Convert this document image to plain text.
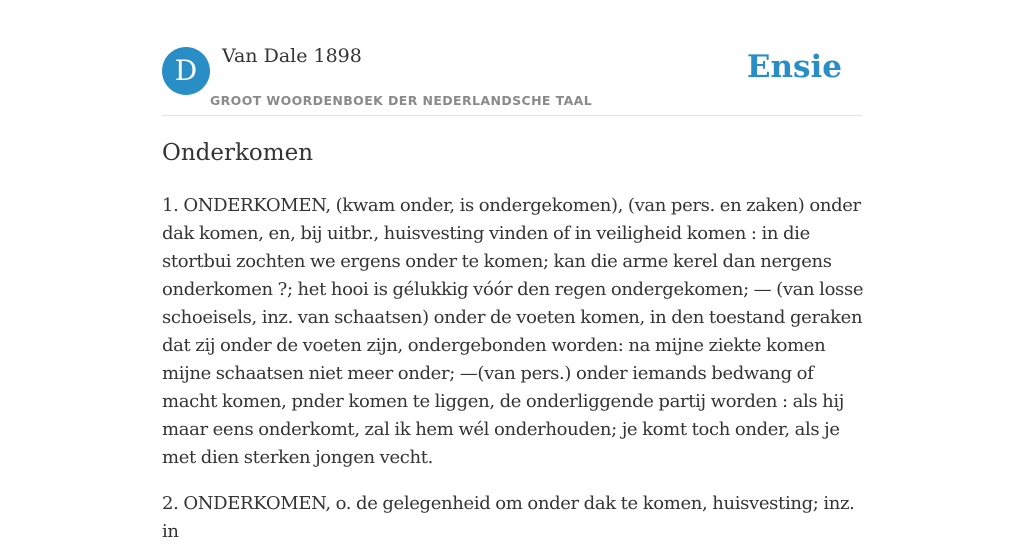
D	Van Dale 1898
GROOT WOORDENBOEK DER NEDERLANDSCHE TAAL
Ensie
Onderkomen

1. ONDERKOMEN, (kwam onder, is ondergekomen), (van pers. en zaken) onder dak komen, en, bij uitbr., huisvesting vinden of in veiligheid komen : in die stortbui zochten we ergens onder te komen; kan die arme kerel dan nergens onderkomen ?; het hooi is gélukkig vóór den regen ondergekomen; — (van losse schoeisels, inz. van schaatsen) onder de voeten komen, in den toestand geraken dat zij onder de voeten zijn, ondergebonden worden: na mijne ziekte komen mijne schaatsen niet meer onder; —(van pers.) onder iemands bedwang of macht komen, pnder komen te liggen, de onderliggende partij worden : als hij maar eens onderkomt, zal ik hem wél onderhouden; je komt toch onder, als je met dien sterken jongen vecht.

2. ONDERKOMEN, o. de gelegenheid om onder dak te komen, huisvesting; inz. in
